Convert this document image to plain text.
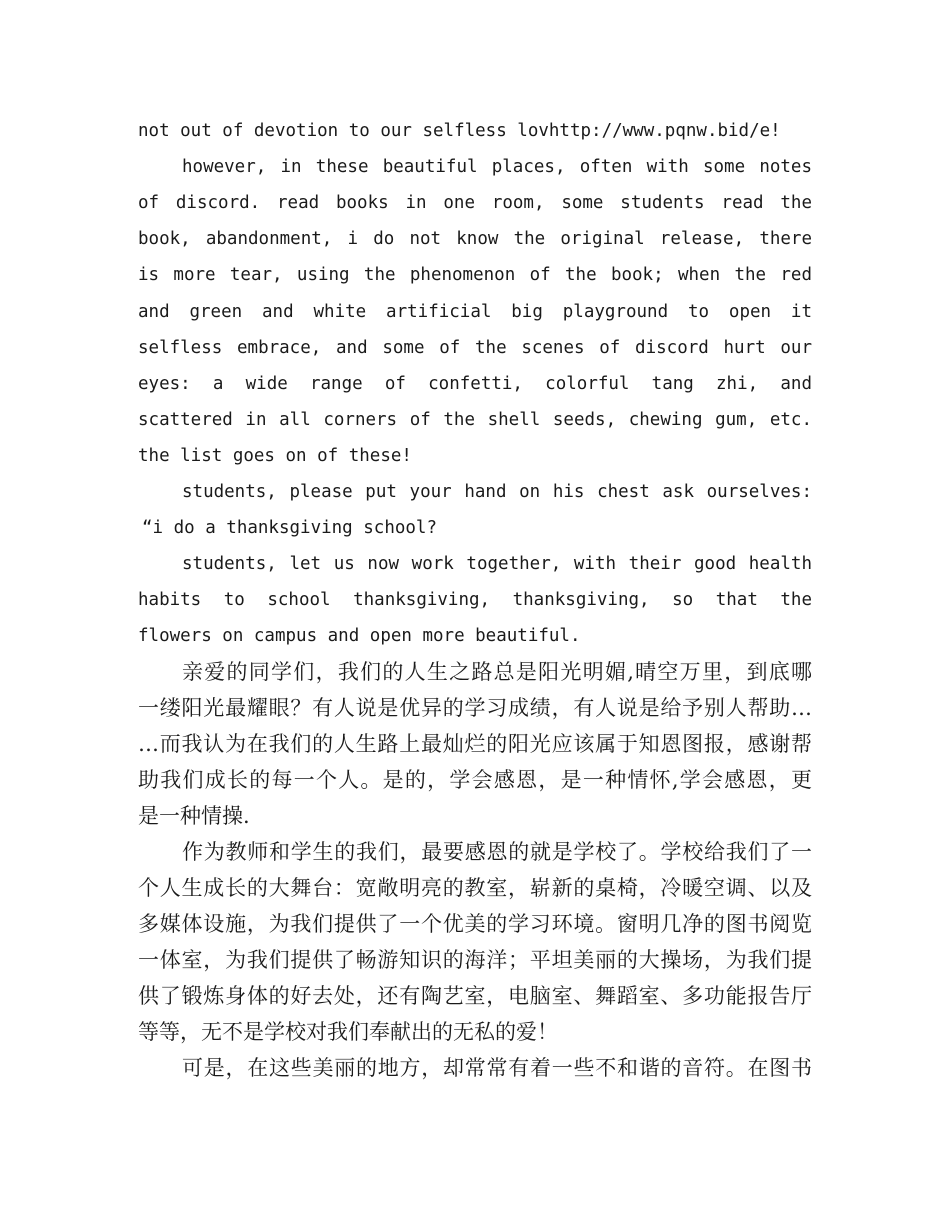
not out of devotion to our selfless lovhttp://www.pqnw.bid/e!
however, in these beautiful places, often with some notes
of discord. read books in one room, some students read the
book, abandonment, i do not know the original release, there
is more tear, using the phenomenon of the book; when the red
and green and white artificial big playground to open it
selfless embrace, and some of the scenes of discord hurt our
eyes: a wide range of confetti, colorful tang zhi, and
scattered in all corners of the shell seeds, chewing gum, etc.
the list goes on of these!
students, please put your hand on his chest ask ourselves:
“i do a thanksgiving school?
students, let us now work together, with their good health
habits to school thanksgiving, thanksgiving, so that the
flowers on campus and open more beautiful.
亲爱的同学们，我们的人生之路总是阳光明媚,晴空万里，到底哪
一缕阳光最耀眼？有人说是优异的学习成绩，有人说是给予别人帮助…
…而我认为在我们的人生路上最灿烂的阳光应该属于知恩图报，感谢帮
助我们成长的每一个人。是的，学会感恩，是一种情怀,学会感恩，更
是一种情操.
作为教师和学生的我们，最要感恩的就是学校了。学校给我们了一
个人生成长的大舞台：宽敞明亮的教室，崭新的桌椅，冷暖空调、以及
多媒体设施，为我们提供了一个优美的学习环境。窗明几净的图书阅览
一体室，为我们提供了畅游知识的海洋；平坦美丽的大操场，为我们提
供了锻炼身体的好去处，还有陶艺室，电脑室、舞蹈室、多功能报告厅
等等，无不是学校对我们奉献出的无私的爱！
可是，在这些美丽的地方，却常常有着一些不和谐的音符。在图书
